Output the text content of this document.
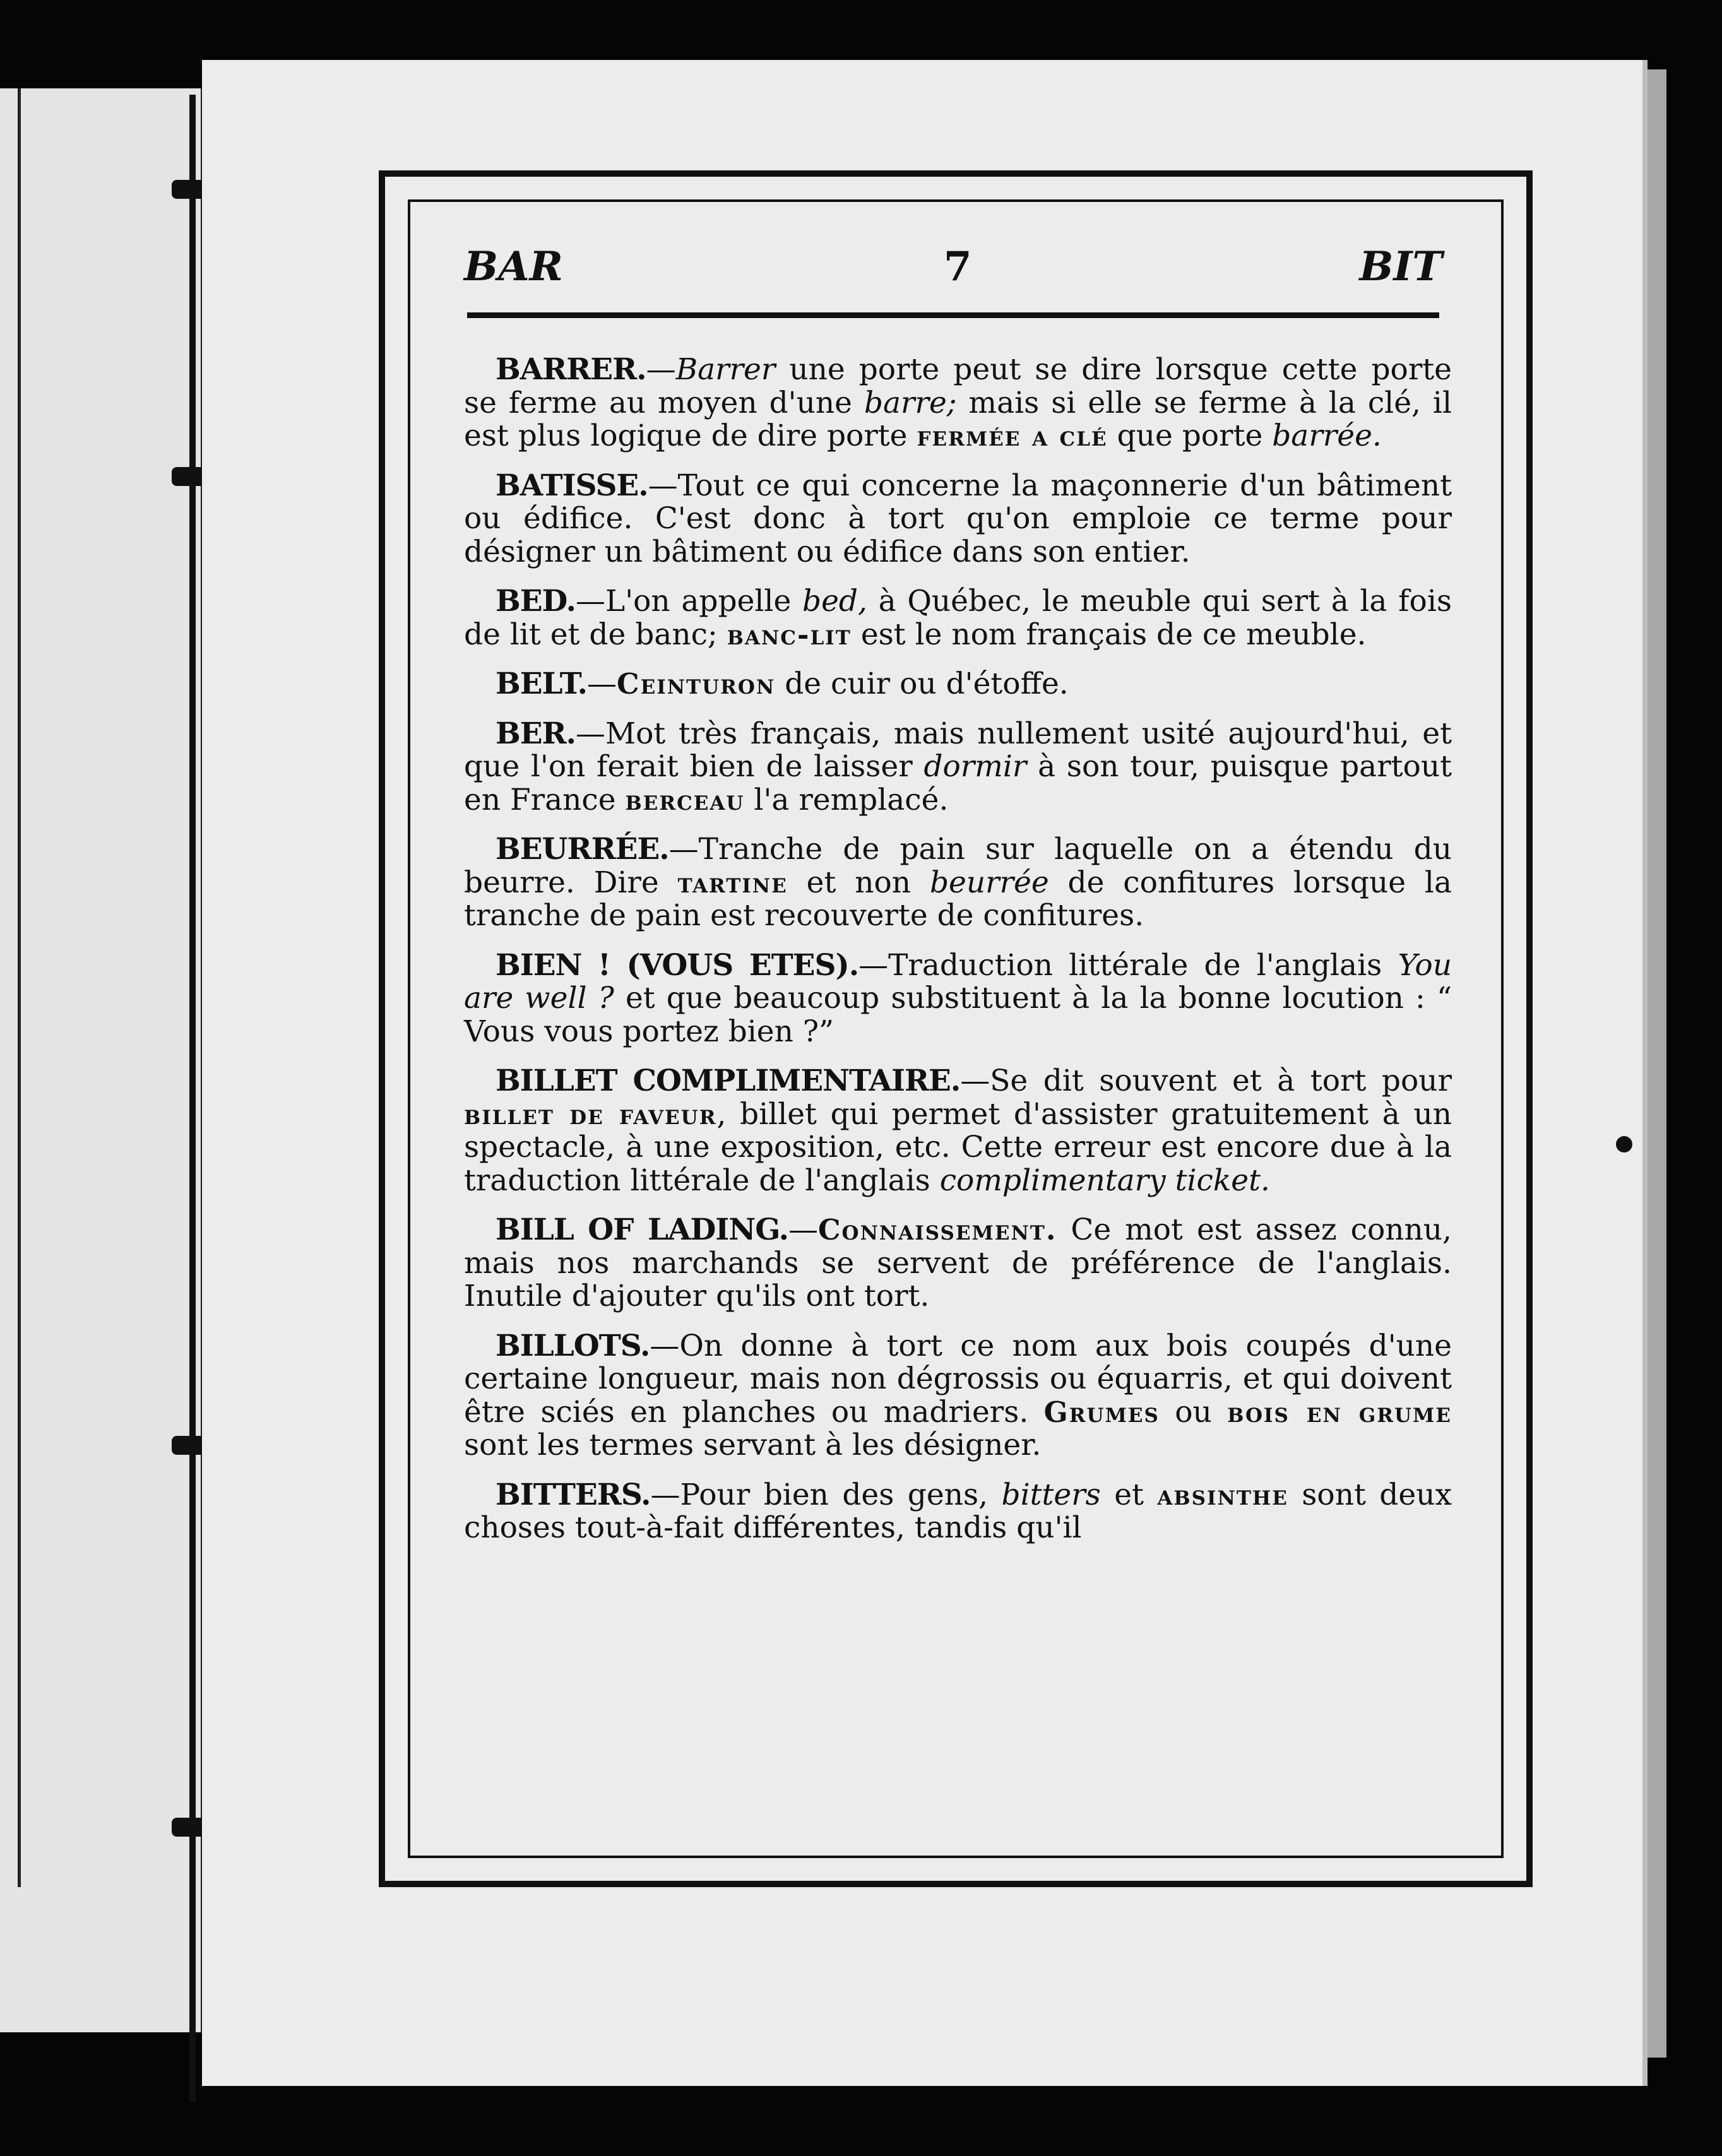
BAR	7	BIT

BARRER.—Barrer une porte peut se dire lorsque cette porte se ferme au moyen d'une barre; mais si elle se ferme à la clé, il est plus logique de dire porte fermée a clé que porte barrée.

BATISSE.—Tout ce qui concerne la maçonnerie d'un bâtiment ou édifice. C'est donc à tort qu'on emploie ce terme pour désigner un bâtiment ou édifice dans son entier.

BED.—L'on appelle bed, à Québec, le meuble qui sert à la fois de lit et de banc; banc-lit est le nom français de ce meuble.

BELT.—Ceinturon de cuir ou d'étoffe.

BER.—Mot très français, mais nullement usité aujourd'hui, et que l'on ferait bien de laisser dormir à son tour, puisque partout en France berceau l'a remplacé.

BEURRÉE.—Tranche de pain sur laquelle on a étendu du beurre. Dire tartine et non beurrée de confitures lorsque la tranche de pain est recouverte de confitures.

BIEN ! (VOUS ETES).—Traduction littérale de l'anglais You are well ? et que beaucoup substituent à la la bonne locution : “ Vous vous portez bien ?”

BILLET COMPLIMENTAIRE.—Se dit souvent et à tort pour billet de faveur, billet qui permet d'assister gratuitement à un spectacle, à une exposition, etc. Cette erreur est encore due à la traduction littérale de l'anglais complimentary ticket.

BILL OF LADING.—Connaissement. Ce mot est assez connu, mais nos marchands se servent de préférence de l'anglais. Inutile d'ajouter qu'ils ont tort.

BILLOTS.—On donne à tort ce nom aux bois coupés d'une certaine longueur, mais non dégrossis ou équarris, et qui doivent être sciés en planches ou madriers. Grumes ou bois en grume sont les termes servant à les désigner.

BITTERS.—Pour bien des gens, bitters et absinthe sont deux choses tout-à-fait différentes, tandis qu'il
